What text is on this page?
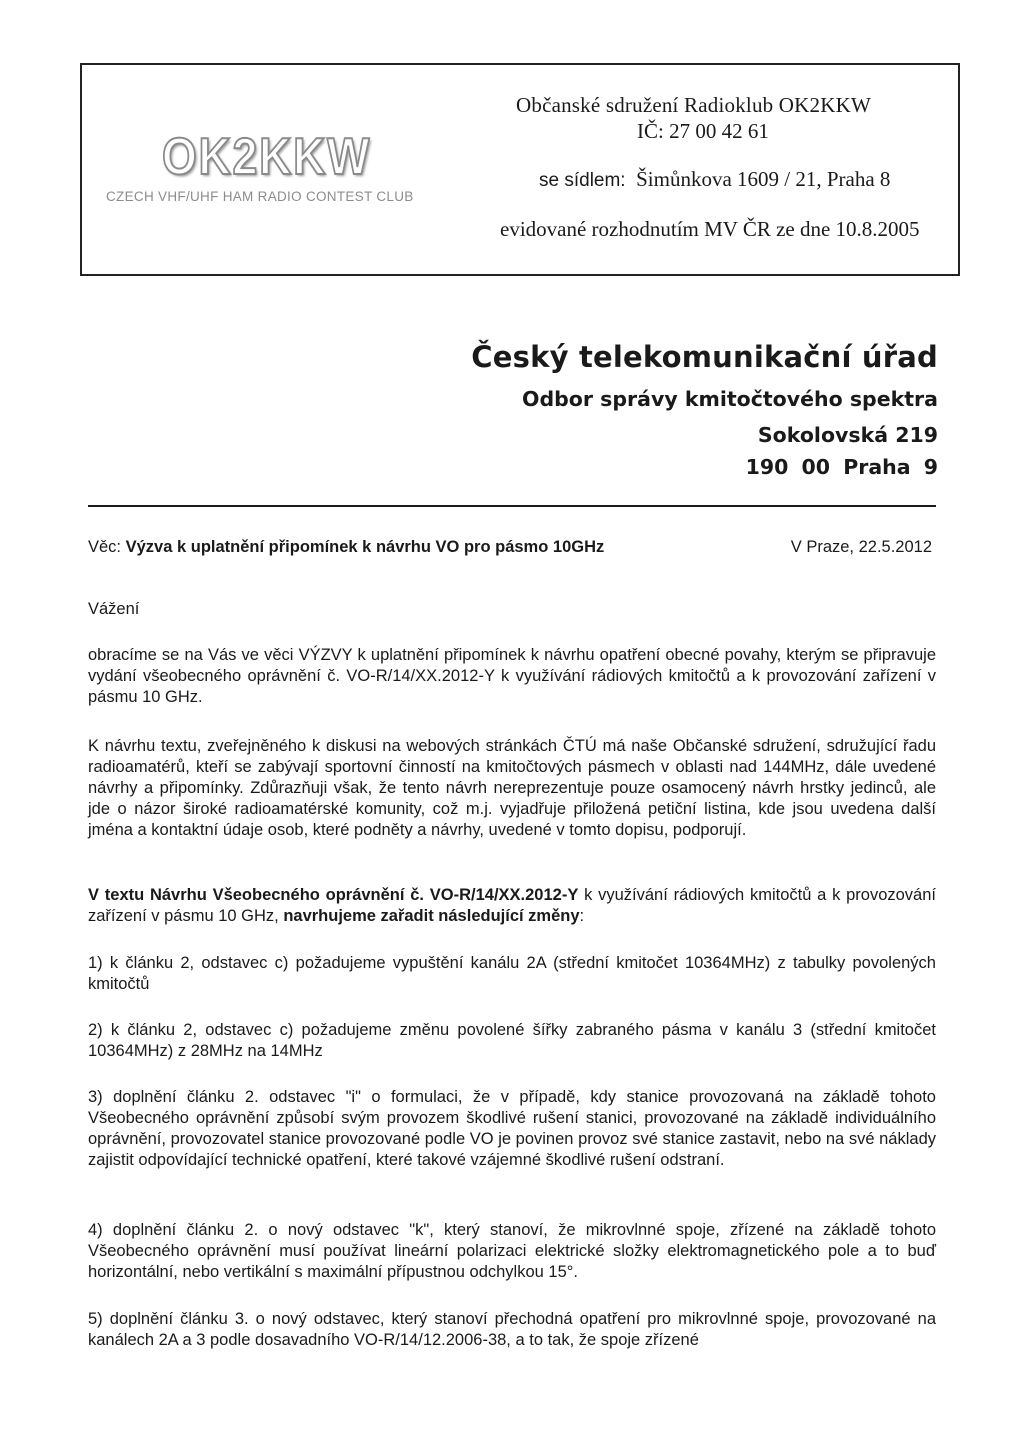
OK2KKW
CZECH VHF/UHF HAM RADIO CONTEST CLUB
Občanské sdružení Radioklub OK2KKW
IČ: 27 00 42 61
se sídlem: Šimůnkova 1609 / 21, Praha 8
evidované rozhodnutím MV ČR ze dne 10.8.2005
Český telekomunikační úřad
Odbor správy kmitočtového spektra
Sokolovská 219
190 00 Praha 9
Věc: Výzva k uplatnění připomínek k návrhu VO pro pásmo 10GHz	V Praze, 22.5.2012
Vážení

obracíme se na Vás ve věci VÝZVY k uplatnění připomínek k návrhu opatření obecné povahy, kterým se připravuje vydání všeobecného oprávnění č. VO-R/14/XX.2012-Y k využívání rádiových kmitočtů a k provozování zařízení v pásmu 10 GHz.

K návrhu textu, zveřejněného k diskusi na webových stránkách ČTÚ má naše Občanské sdružení, sdružující řadu radioamatérů, kteří se zabývají sportovní činností na kmitočtových pásmech v oblasti nad 144MHz, dále uvedené návrhy a připomínky. Zdůrazňuji však, že tento návrh nereprezentuje pouze osamocený návrh hrstky jedinců, ale jde o názor široké radioamatérské komunity, což m.j. vyjadřuje přiložená petiční listina, kde jsou uvedena další jména a kontaktní údaje osob, které podněty a návrhy, uvedené v tomto dopisu, podporují.

V textu Návrhu Všeobecného oprávnění č. VO-R/14/XX.2012-Y k využívání rádiových kmitočtů a k provozování zařízení v pásmu 10 GHz, navrhujeme zařadit následující změny:

1) k článku 2, odstavec c) požadujeme vypuštění kanálu 2A (střední kmitočet 10364MHz) z tabulky povolených kmitočtů

2) k článku 2, odstavec c) požadujeme změnu povolené šířky zabraného pásma v kanálu 3 (střední kmitočet 10364MHz) z 28MHz na 14MHz

3) doplnění článku 2. odstavec "i" o formulaci, že v případě, kdy stanice provozovaná na základě tohoto Všeobecného oprávnění způsobí svým provozem škodlivé rušení stanici, provozované na základě individuálního oprávnění, provozovatel stanice provozované podle VO je povinen provoz své stanice zastavit, nebo na své náklady zajistit odpovídající technické opatření, které takové vzájemné škodlivé rušení odstraní.

4) doplnění článku 2. o nový odstavec "k", který stanoví, že mikrovlnné spoje, zřízené na základě tohoto Všeobecného oprávnění musí používat lineární polarizaci elektrické složky elektromagnetického pole a to buď horizontální, nebo vertikální s maximální přípustnou odchylkou 15°.

5) doplnění článku 3. o nový odstavec, který stanoví přechodná opatření pro mikrovlnné spoje, provozované na kanálech 2A a 3 podle dosavadního VO-R/14/12.2006-38, a to tak, že spoje zřízené
